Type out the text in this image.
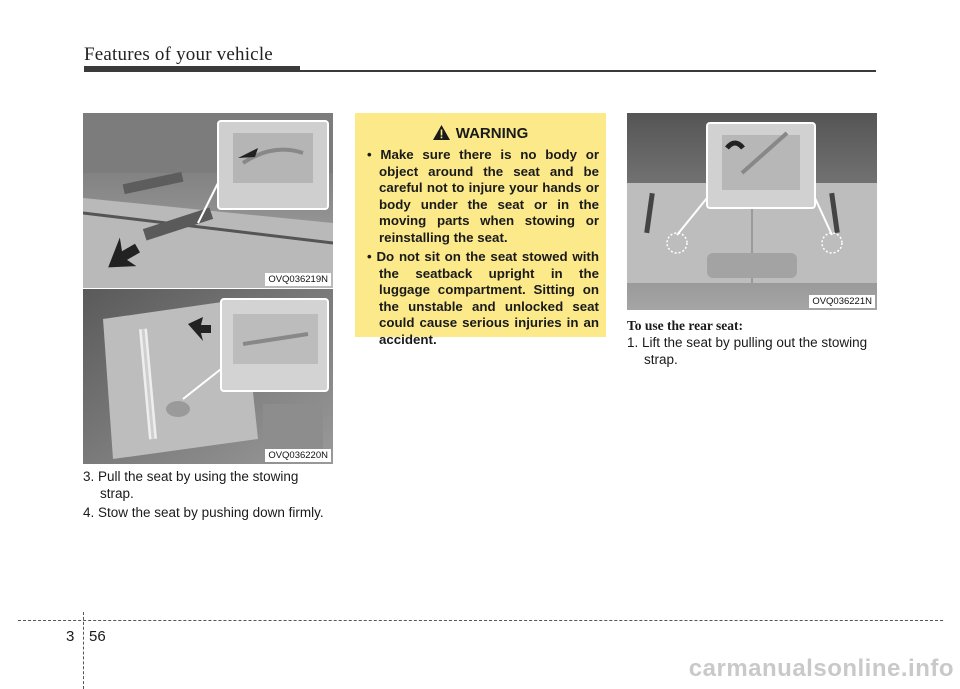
Features of your vehicle
OVQ036219N
OVQ036220N
3. Pull the seat by using the stowing strap.
4. Stow the seat by pushing down firmly.
WARNING
• Make sure there is no body or object around the seat and be careful not to injure your hands or body under the seat or in the moving parts when stowing or reinstalling the seat.
• Do not sit on the seat stowed with the seatback upright in the luggage compartment. Sitting on the unstable and unlocked seat could cause serious injuries in an accident.
OVQ036221N
To use the rear seat:
1. Lift the seat by pulling out the stowing strap.
3 56
carmanualsonline.info
